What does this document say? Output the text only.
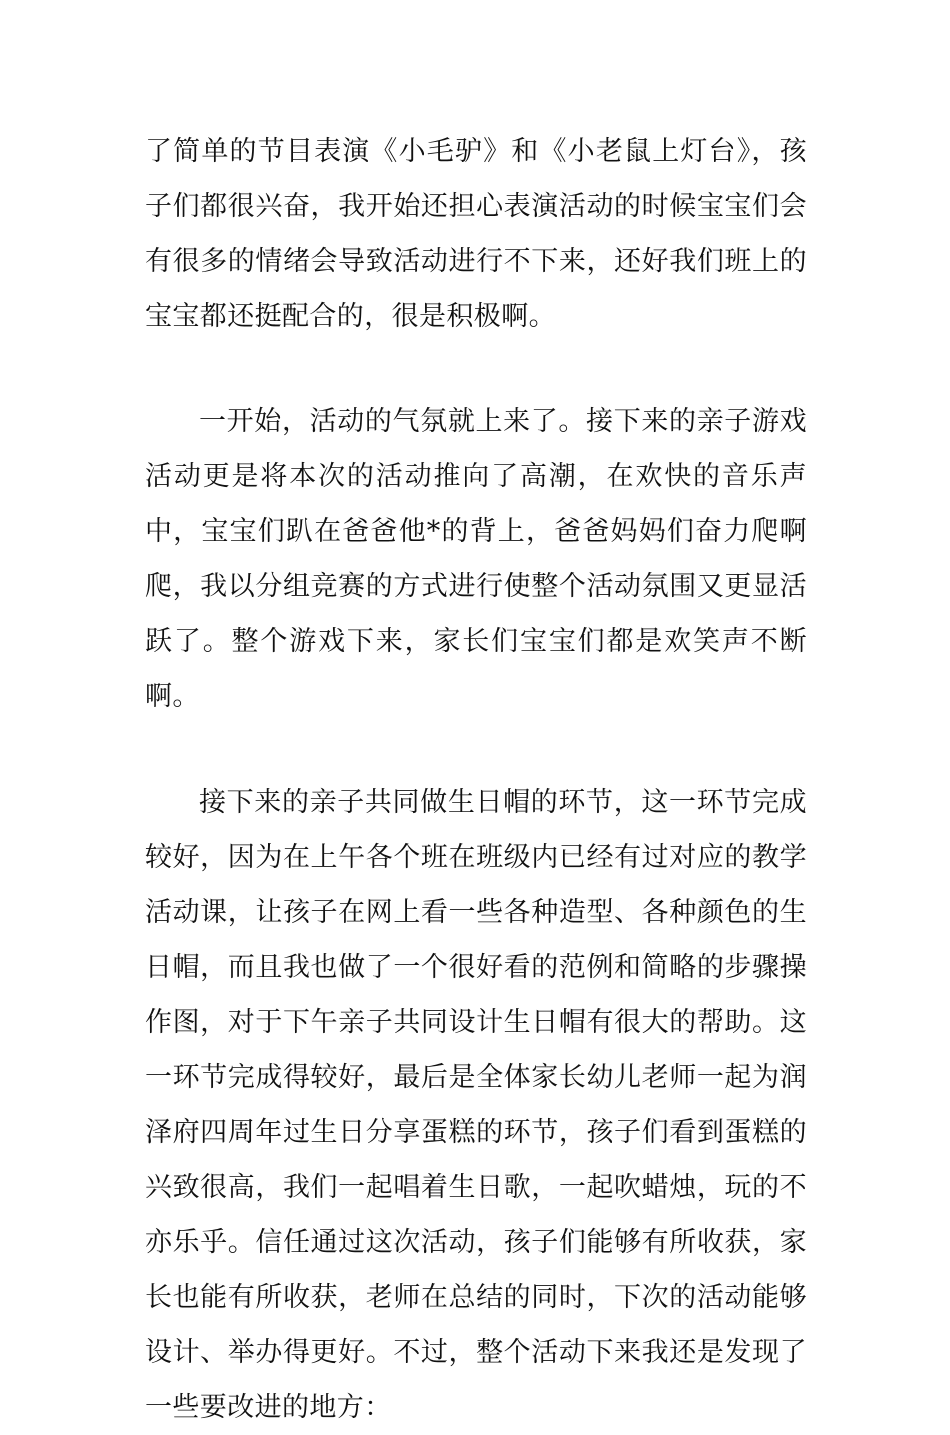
了简单的节目表演《小毛驴》和《小老鼠上灯台》，孩子们都很兴奋，我开始还担心表演活动的时候宝宝们会有很多的情绪会导致活动进行不下来，还好我们班上的宝宝都还挺配合的，很是积极啊。

一开始，活动的气氛就上来了。接下来的亲子游戏活动更是将本次的活动推向了高潮，在欢快的音乐声中，宝宝们趴在爸爸他*的背上，爸爸妈妈们奋力爬啊爬，我以分组竞赛的方式进行使整个活动氛围又更显活跃了。整个游戏下来，家长们宝宝们都是欢笑声不断啊。

接下来的亲子共同做生日帽的环节，这一环节完成较好，因为在上午各个班在班级内已经有过对应的教学活动课，让孩子在网上看一些各种造型、各种颜色的生日帽，而且我也做了一个很好看的范例和简略的步骤操作图，对于下午亲子共同设计生日帽有很大的帮助。这一环节完成得较好，最后是全体家长幼儿老师一起为润泽府四周年过生日分享蛋糕的环节，孩子们看到蛋糕的兴致很高，我们一起唱着生日歌，一起吹蜡烛，玩的不亦乐乎。信任通过这次活动，孩子们能够有所收获，家长也能有所收获，老师在总结的同时，下次的活动能够设计、举办得更好。不过，整个活动下来我还是发现了一些要改进的地方：
